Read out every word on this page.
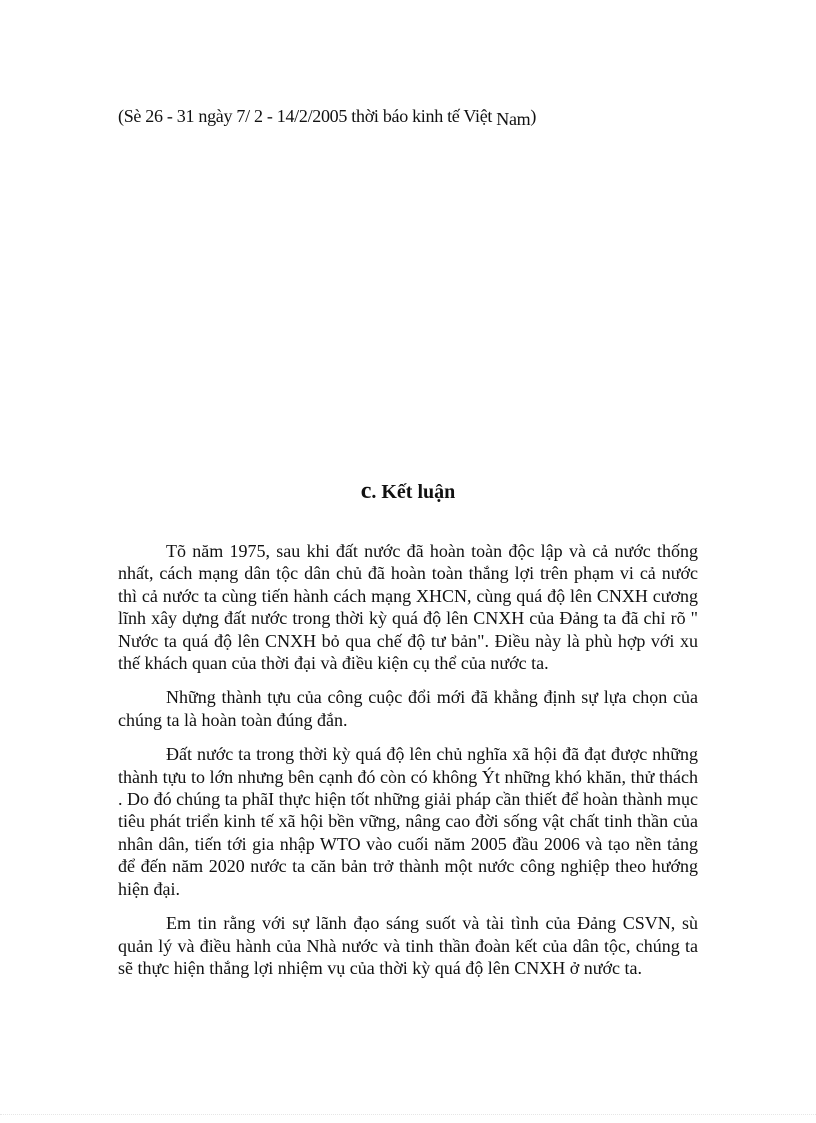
(Sè 26 - 31 ngày 7/ 2 - 14/2/2005 thời báo kinh tế Việt Nam)
c. Kết luận

Tõ năm 1975, sau khi đất nước đã hoàn toàn độc lập và cả nước thống nhất, cách mạng dân tộc dân chủ đã hoàn toàn thắng lợi trên phạm vi cả nước thì cả nước ta cùng tiến hành cách mạng XHCN, cùng quá độ lên CNXH cương lĩnh xây dựng đất nước trong thời kỳ quá độ lên CNXH của Đảng ta đã chỉ rõ " Nước ta quá độ lên CNXH bỏ qua chế độ tư bản". Điều này là phù hợp với xu thế khách quan của thời đại và điều kiện cụ thể của nước ta.

Những thành tựu của công cuộc đổi mới đã khẳng định sự lựa chọn của chúng ta là hoàn toàn đúng đắn.

Đất nước ta trong thời kỳ quá độ lên chủ nghĩa xã hội đã đạt được những thành tựu to lớn nhưng bên cạnh đó còn có không Ýt những khó khăn, thử thách . Do đó chúng ta phãI thực hiện tốt những giải pháp cần thiết để hoàn thành mục tiêu phát triển kinh tế xã hội bền vững, nâng cao đời sống vật chất tinh thần của nhân dân, tiến tới gia nhập WTO vào cuối năm 2005 đầu 2006 và tạo nền tảng để đến năm 2020 nước ta căn bản trở thành một nước công nghiệp theo hướng hiện đại.

Em tin rằng với sự lãnh đạo sáng suốt và tài tình của Đảng CSVN, sù quản lý và điều hành của Nhà nước và tinh thần đoàn kết của dân tộc, chúng ta sẽ thực hiện thắng lợi nhiệm vụ của thời kỳ quá độ lên CNXH ở nước ta.
